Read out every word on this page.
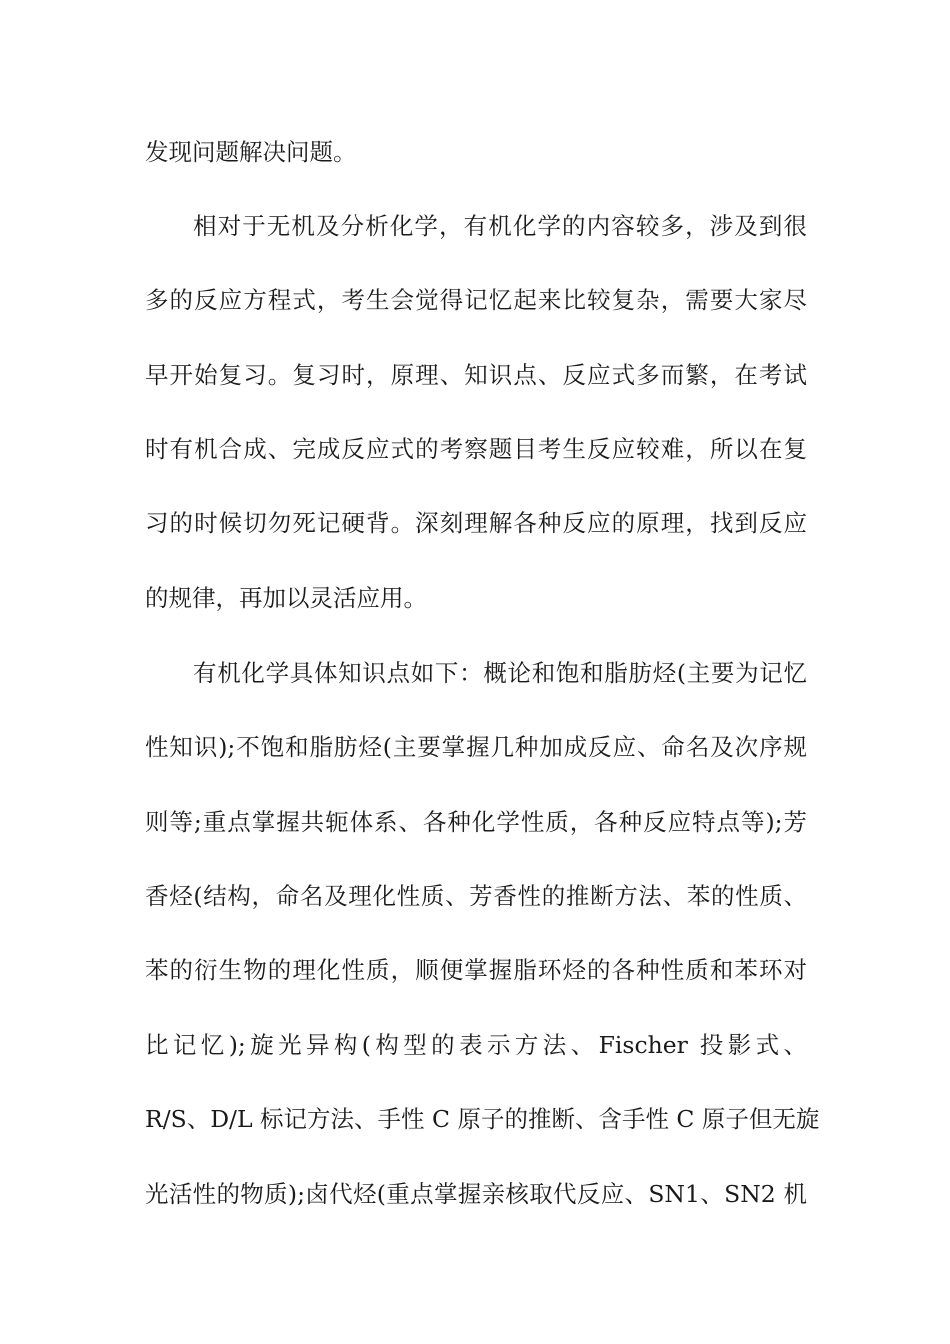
发现问题解决问题。
相对于无机及分析化学，有机化学的内容较多，涉及到很
多的反应方程式，考生会觉得记忆起来比较复杂，需要大家尽
早开始复习。复习时，原理、知识点、反应式多而繁，在考试
时有机合成、完成反应式的考察题目考生反应较难，所以在复
习的时候切勿死记硬背。深刻理解各种反应的原理，找到反应
的规律，再加以灵活应用。
有机化学具体知识点如下：概论和饱和脂肪烃(主要为记忆
性知识);不饱和脂肪烃(主要掌握几种加成反应、命名及次序规
则等;重点掌握共轭体系、各种化学性质，各种反应特点等);芳
香烃(结构，命名及理化性质、芳香性的推断方法、苯的性质、
苯的衍生物的理化性质，顺便掌握脂环烃的各种性质和苯环对
比记忆);旋光异构(构型的表示方法、Fischer 投影式、
R/S、D/L 标记方法、手性 C 原子的推断、含手性 C 原子但无旋
光活性的物质);卤代烃(重点掌握亲核取代反应、SN1、SN2 机
